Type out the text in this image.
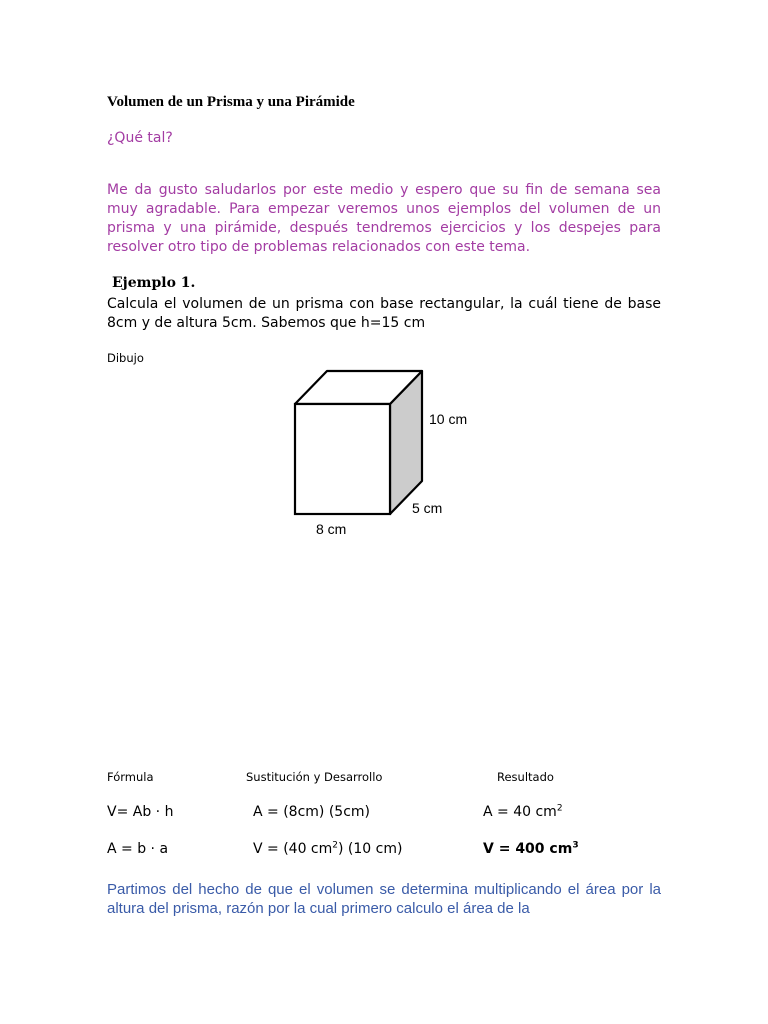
Volumen de un Prisma y una Pirámide

¿Qué tal?

Me da gusto saludarlos por este medio y espero que su fin de semana sea muy agradable. Para empezar veremos unos ejemplos del volumen de un prisma y una pirámide, después tendremos ejercicios y los despejes para resolver otro tipo de problemas relacionados con este tema.

Ejemplo 1.

Calcula el volumen de un prisma con base rectangular, la cuál tiene de base 8cm y de altura 5cm. Sabemos que h=15 cm

Dibujo

10 cm
5 cm
8 cm

Fórmula	Sustitución y Desarrollo	Resultado

V= Ab · h	A = (8cm) (5cm)	A = 40 $cm^2$

A = b · a	V = (40 $cm^2$) (10 cm)	V = 400 $cm^3$

Partimos del hecho de que el volumen se determina multiplicando el área por la altura del prisma, razón por la cual primero calculo el área de la
